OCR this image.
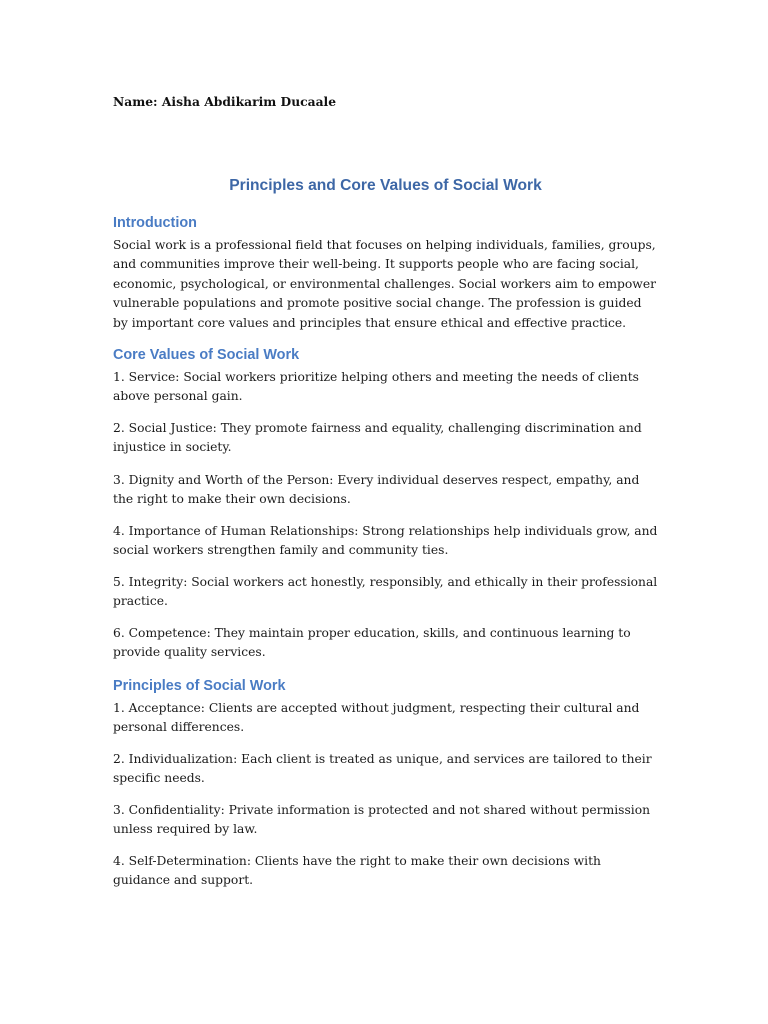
Name: Aisha Abdikarim Ducaale

Principles and Core Values of Social Work
Introduction

Social work is a professional field that focuses on helping individuals, families, groups, and communities improve their well-being. It supports people who are facing social, economic, psychological, or environmental challenges. Social workers aim to empower vulnerable populations and promote positive social change. The profession is guided by important core values and principles that ensure ethical and effective practice.

Core Values of Social Work

1. Service: Social workers prioritize helping others and meeting the needs of clients above personal gain.

2. Social Justice: They promote fairness and equality, challenging discrimination and injustice in society.

3. Dignity and Worth of the Person: Every individual deserves respect, empathy, and the right to make their own decisions.

4. Importance of Human Relationships: Strong relationships help individuals grow, and social workers strengthen family and community ties.

5. Integrity: Social workers act honestly, responsibly, and ethically in their professional practice.

6. Competence: They maintain proper education, skills, and continuous learning to provide quality services.

Principles of Social Work

1. Acceptance: Clients are accepted without judgment, respecting their cultural and personal differences.

2. Individualization: Each client is treated as unique, and services are tailored to their specific needs.

3. Confidentiality: Private information is protected and not shared without permission unless required by law.

4. Self-Determination: Clients have the right to make their own decisions with guidance and support.
